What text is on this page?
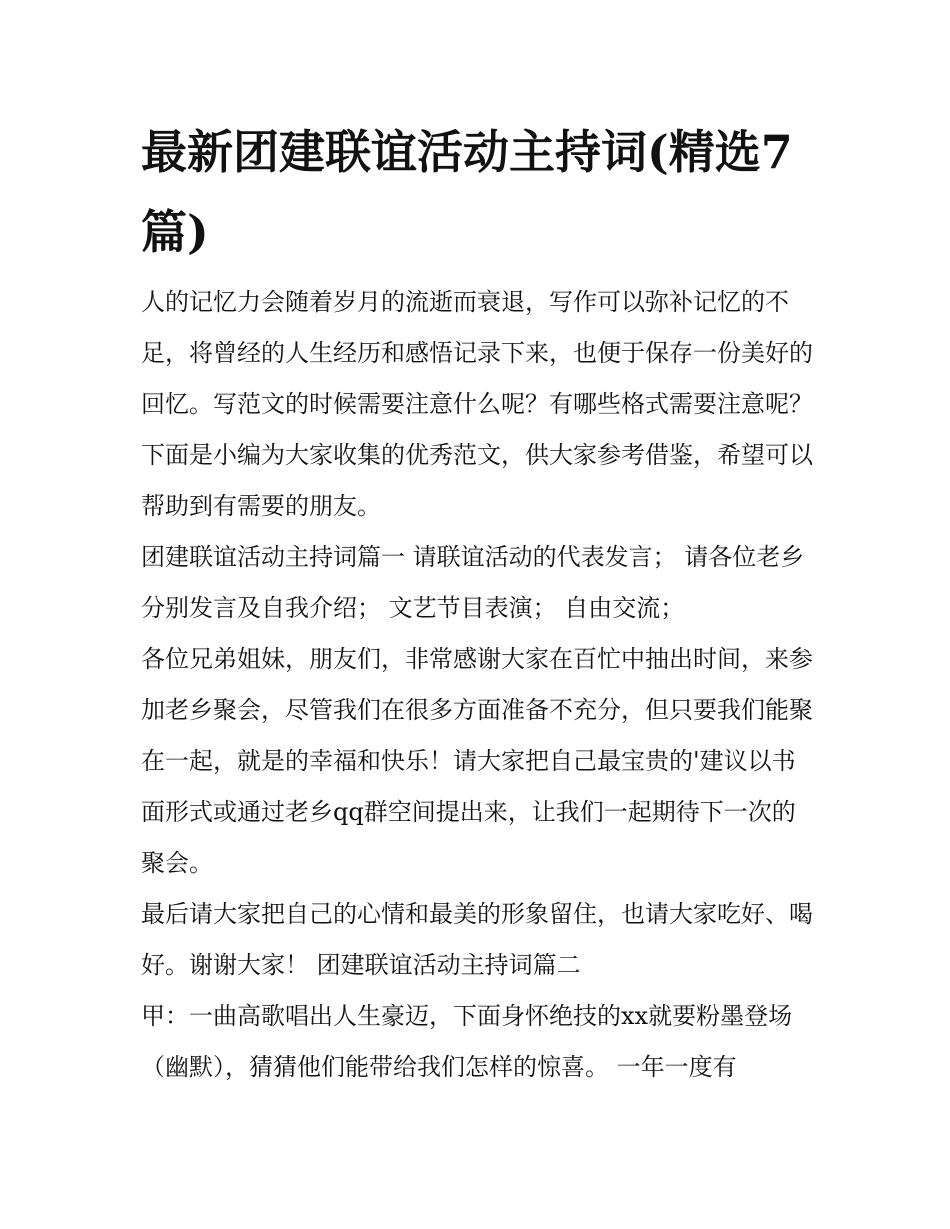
最新团建联谊活动主持词(精选7篇)

人的记忆力会随着岁月的流逝而衰退，写作可以弥补记忆的不足，将曾经的人生经历和感悟记录下来，也便于保存一份美好的回忆。写范文的时候需要注意什么呢？有哪些格式需要注意呢？下面是小编为大家收集的优秀范文，供大家参考借鉴，希望可以帮助到有需要的朋友。

团建联谊活动主持词篇一 请联谊活动的代表发言； 请各位老乡分别发言及自我介绍； 文艺节目表演； 自由交流；

各位兄弟姐妹，朋友们，非常感谢大家在百忙中抽出时间，来参加老乡聚会，尽管我们在很多方面准备不充分，但只要我们能聚在一起，就是的幸福和快乐！请大家把自己最宝贵的'建议以书面形式或通过老乡qq群空间提出来，让我们一起期待下一次的聚会。

最后请大家把自己的心情和最美的形象留住，也请大家吃好、喝好。谢谢大家！ 团建联谊活动主持词篇二

甲：一曲高歌唱出人生豪迈，下面身怀绝技的xx就要粉墨登场（幽默），猜猜他们能带给我们怎样的惊喜。 一年一度有
